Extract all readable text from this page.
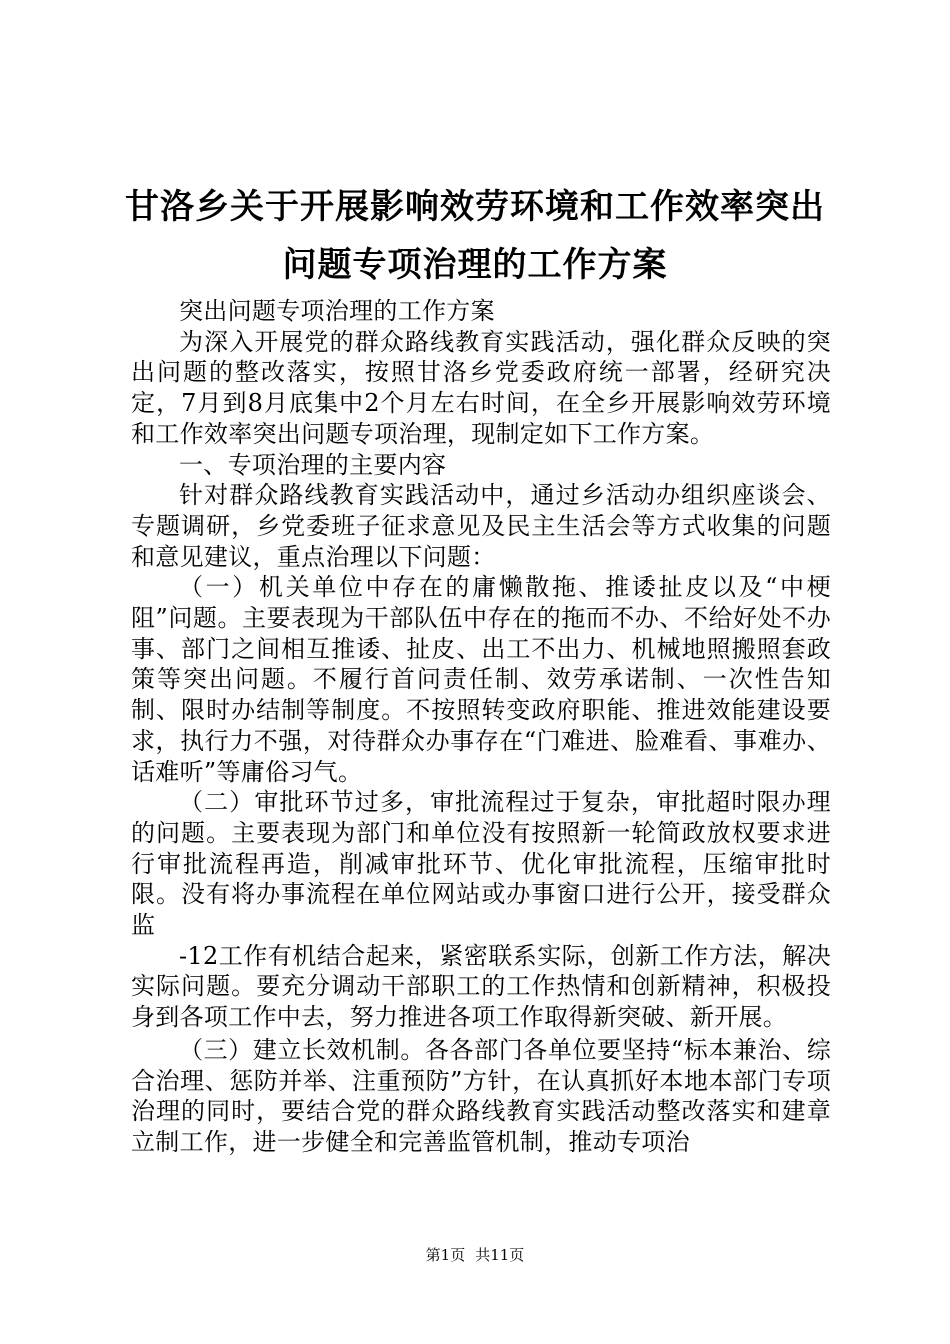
甘洛乡关于开展影响效劳环境和工作效率突出
问题专项治理的工作方案

突出问题专项治理的工作方案

为深入开展党的群众路线教育实践活动，强化群众反映的突出问题的整改落实，按照甘洛乡党委政府统一部署，经研究决定，7月到8月底集中2个月左右时间，在全乡开展影响效劳环境和工作效率突出问题专项治理，现制定如下工作方案。

一、专项治理的主要内容

针对群众路线教育实践活动中，通过乡活动办组织座谈会、专题调研，乡党委班子征求意见及民主生活会等方式收集的问题和意见建议，重点治理以下问题：

（一）机关单位中存在的庸懒散拖、推诿扯皮以及“中梗阻”问题。主要表现为干部队伍中存在的拖而不办、不给好处不办事、部门之间相互推诿、扯皮、出工不出力、机械地照搬照套政策等突出问题。不履行首问责任制、效劳承诺制、一次性告知制、限时办结制等制度。不按照转变政府职能、推进效能建设要求，执行力不强，对待群众办事存在“门难进、脸难看、事难办、话难听”等庸俗习气。

（二）审批环节过多，审批流程过于复杂，审批超时限办理的问题。主要表现为部门和单位没有按照新一轮简政放权要求进行审批流程再造，削减审批环节、优化审批流程，压缩审批时限。没有将办事流程在单位网站或办事窗口进行公开，接受群众监

-12工作有机结合起来，紧密联系实际，创新工作方法，解决实际问题。要充分调动干部职工的工作热情和创新精神，积极投身到各项工作中去，努力推进各项工作取得新突破、新开展。

（三）建立长效机制。各各部门各单位要坚持“标本兼治、综合治理、惩防并举、注重预防”方针，在认真抓好本地本部门专项治理的同时，要结合党的群众路线教育实践活动整改落实和建章立制工作，进一步健全和完善监管机制，推动专项治

第1页 共11页
